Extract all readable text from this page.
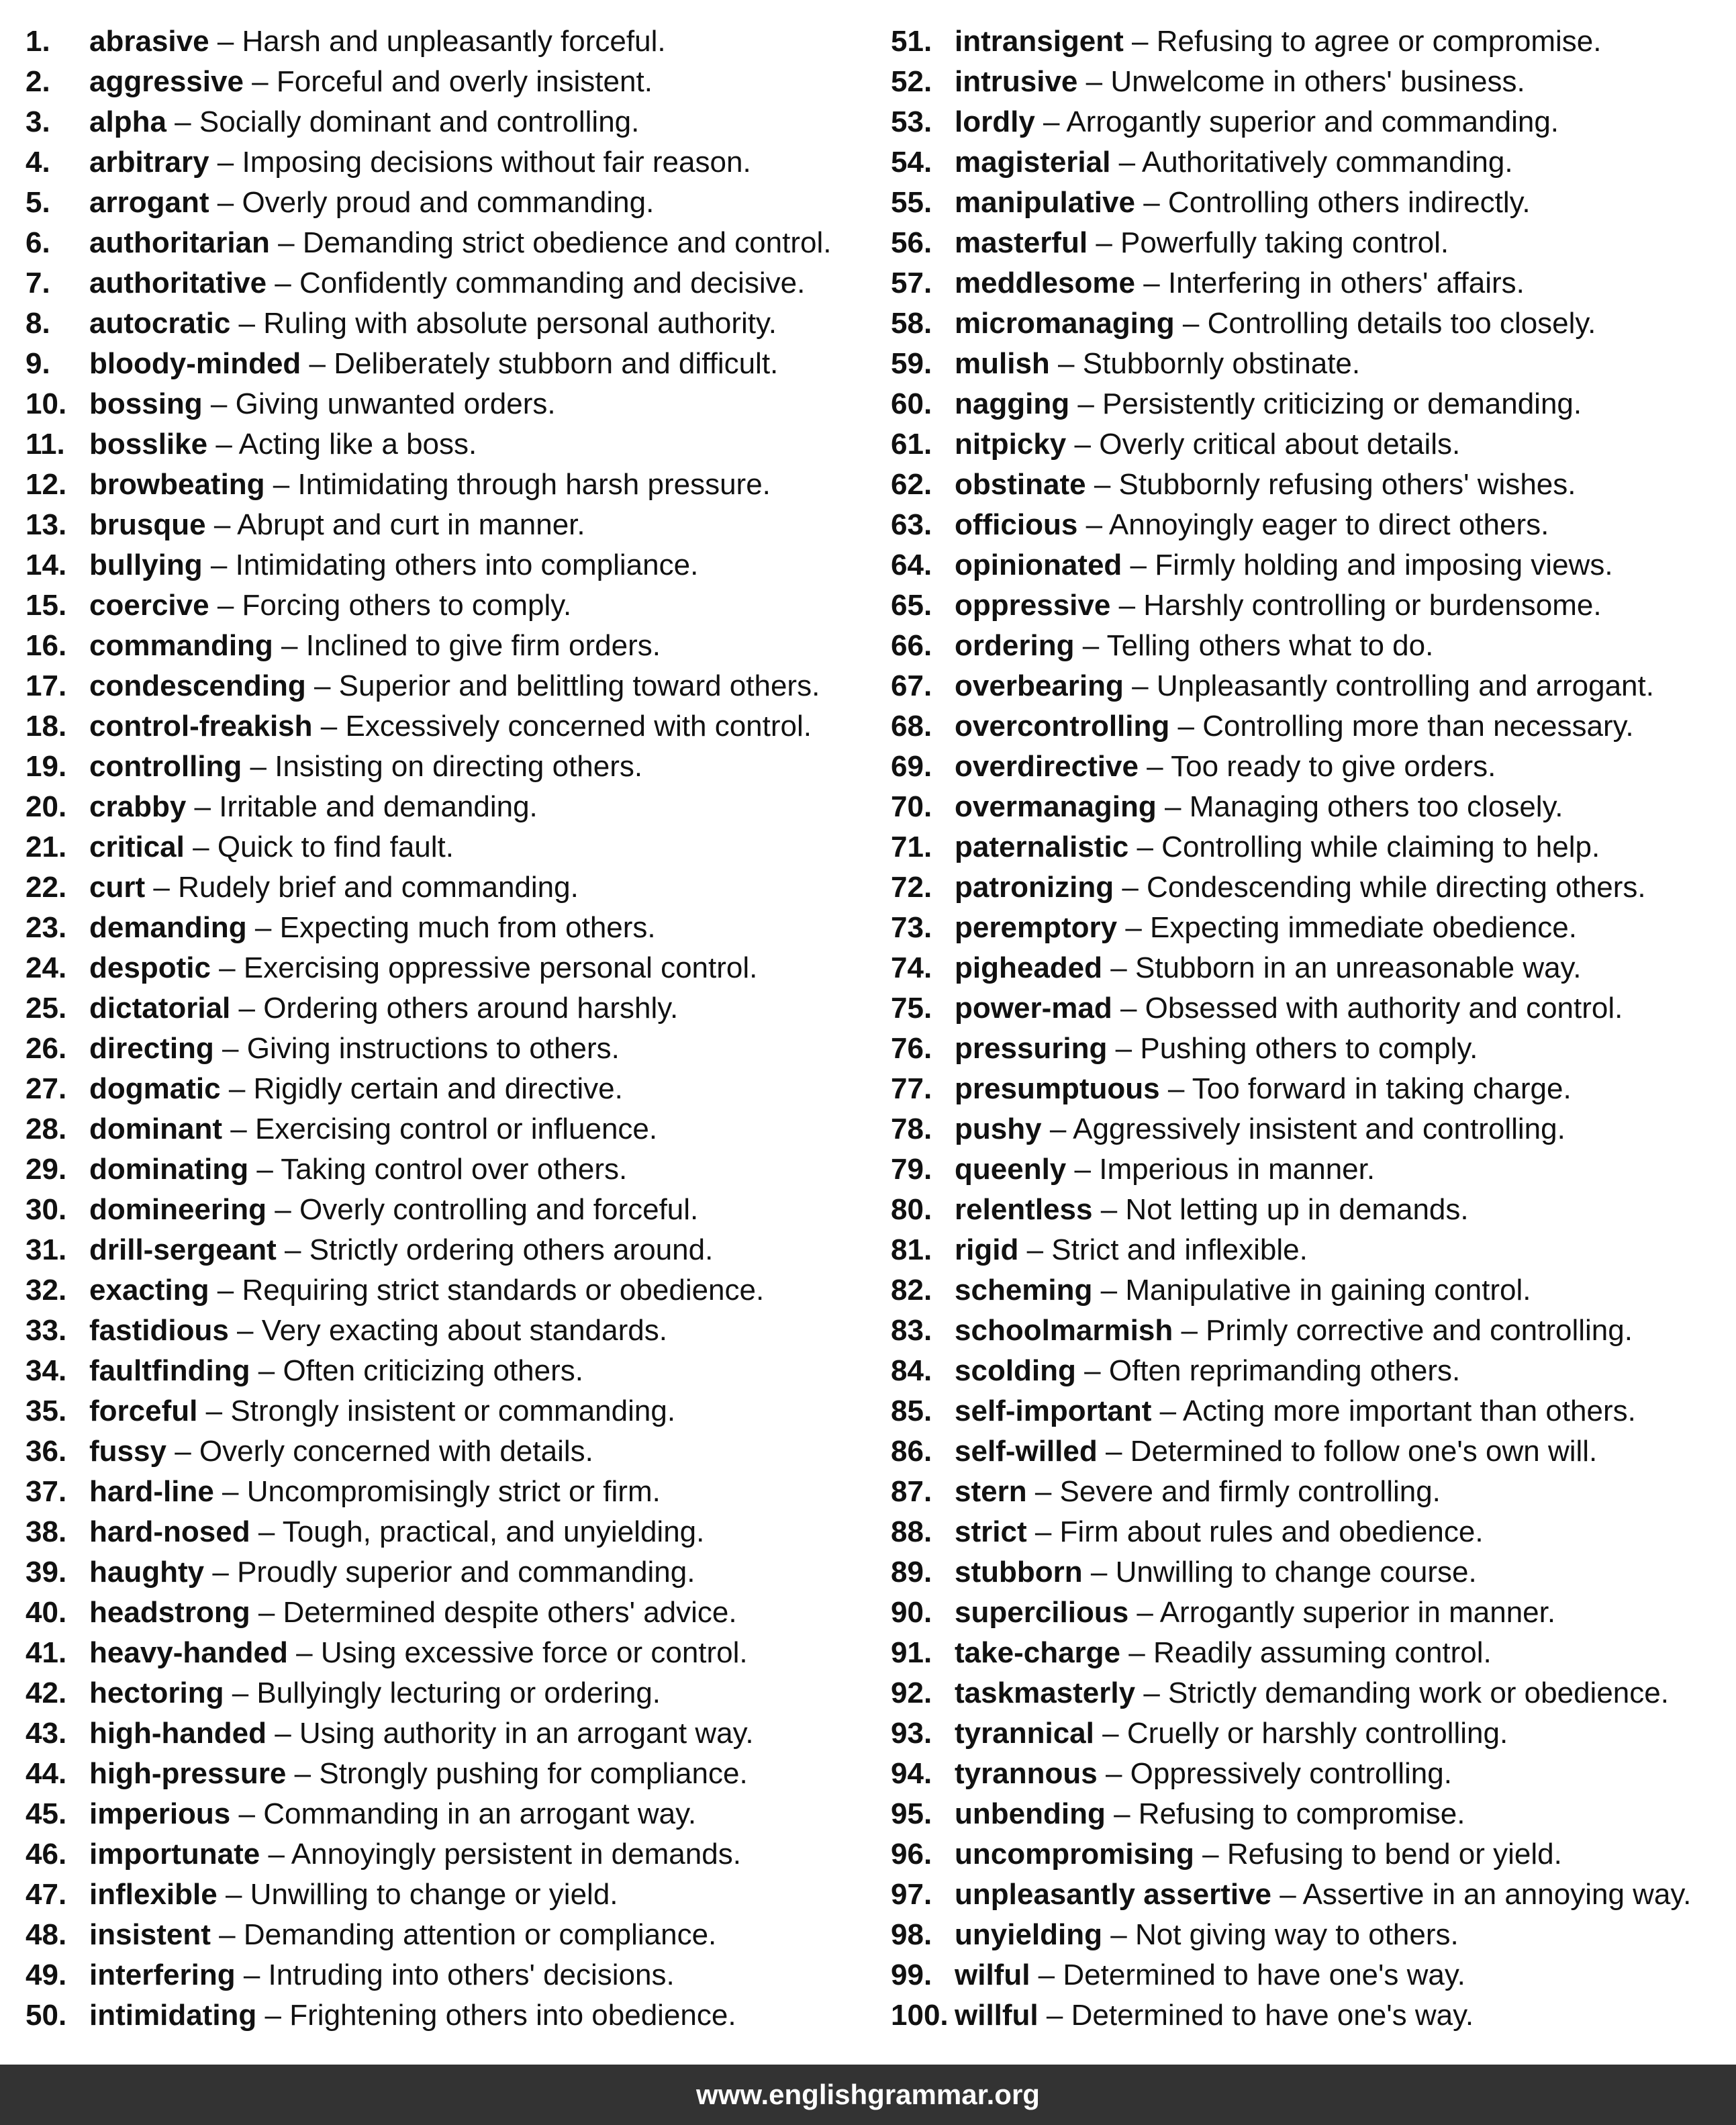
1. abrasive – Harsh and unpleasantly forceful.
2. aggressive – Forceful and overly insistent.
3. alpha – Socially dominant and controlling.
4. arbitrary – Imposing decisions without fair reason.
5. arrogant – Overly proud and commanding.
6. authoritarian – Demanding strict obedience and control.
7. authoritative – Confidently commanding and decisive.
8. autocratic – Ruling with absolute personal authority.
9. bloody-minded – Deliberately stubborn and difficult.
10. bossing – Giving unwanted orders.
11. bosslike – Acting like a boss.
12. browbeating – Intimidating through harsh pressure.
13. brusque – Abrupt and curt in manner.
14. bullying – Intimidating others into compliance.
15. coercive – Forcing others to comply.
16. commanding – Inclined to give firm orders.
17. condescending – Superior and belittling toward others.
18. control-freakish – Excessively concerned with control.
19. controlling – Insisting on directing others.
20. crabby – Irritable and demanding.
21. critical – Quick to find fault.
22. curt – Rudely brief and commanding.
23. demanding – Expecting much from others.
24. despotic – Exercising oppressive personal control.
25. dictatorial – Ordering others around harshly.
26. directing – Giving instructions to others.
27. dogmatic – Rigidly certain and directive.
28. dominant – Exercising control or influence.
29. dominating – Taking control over others.
30. domineering – Overly controlling and forceful.
31. drill-sergeant – Strictly ordering others around.
32. exacting – Requiring strict standards or obedience.
33. fastidious – Very exacting about standards.
34. faultfinding – Often criticizing others.
35. forceful – Strongly insistent or commanding.
36. fussy – Overly concerned with details.
37. hard-line – Uncompromisingly strict or firm.
38. hard-nosed – Tough, practical, and unyielding.
39. haughty – Proudly superior and commanding.
40. headstrong – Determined despite others' advice.
41. heavy-handed – Using excessive force or control.
42. hectoring – Bullyingly lecturing or ordering.
43. high-handed – Using authority in an arrogant way.
44. high-pressure – Strongly pushing for compliance.
45. imperious – Commanding in an arrogant way.
46. importunate – Annoyingly persistent in demands.
47. inflexible – Unwilling to change or yield.
48. insistent – Demanding attention or compliance.
49. interfering – Intruding into others' decisions.
50. intimidating – Frightening others into obedience.
51. intransigent – Refusing to agree or compromise.
52. intrusive – Unwelcome in others' business.
53. lordly – Arrogantly superior and commanding.
54. magisterial – Authoritatively commanding.
55. manipulative – Controlling others indirectly.
56. masterful – Powerfully taking control.
57. meddlesome – Interfering in others' affairs.
58. micromanaging – Controlling details too closely.
59. mulish – Stubbornly obstinate.
60. nagging – Persistently criticizing or demanding.
61. nitpicky – Overly critical about details.
62. obstinate – Stubbornly refusing others' wishes.
63. officious – Annoyingly eager to direct others.
64. opinionated – Firmly holding and imposing views.
65. oppressive – Harshly controlling or burdensome.
66. ordering – Telling others what to do.
67. overbearing – Unpleasantly controlling and arrogant.
68. overcontrolling – Controlling more than necessary.
69. overdirective – Too ready to give orders.
70. overmanaging – Managing others too closely.
71. paternalistic – Controlling while claiming to help.
72. patronizing – Condescending while directing others.
73. peremptory – Expecting immediate obedience.
74. pigheaded – Stubborn in an unreasonable way.
75. power-mad – Obsessed with authority and control.
76. pressuring – Pushing others to comply.
77. presumptuous – Too forward in taking charge.
78. pushy – Aggressively insistent and controlling.
79. queenly – Imperious in manner.
80. relentless – Not letting up in demands.
81. rigid – Strict and inflexible.
82. scheming – Manipulative in gaining control.
83. schoolmarmish – Primly corrective and controlling.
84. scolding – Often reprimanding others.
85. self-important – Acting more important than others.
86. self-willed – Determined to follow one's own will.
87. stern – Severe and firmly controlling.
88. strict – Firm about rules and obedience.
89. stubborn – Unwilling to change course.
90. supercilious – Arrogantly superior in manner.
91. take-charge – Readily assuming control.
92. taskmasterly – Strictly demanding work or obedience.
93. tyrannical – Cruelly or harshly controlling.
94. tyrannous – Oppressively controlling.
95. unbending – Refusing to compromise.
96. uncompromising – Refusing to bend or yield.
97. unpleasantly assertive – Assertive in an annoying way.
98. unyielding – Not giving way to others.
99. wilful – Determined to have one's way.
100. willful – Determined to have one's way.
www.englishgrammar.org
